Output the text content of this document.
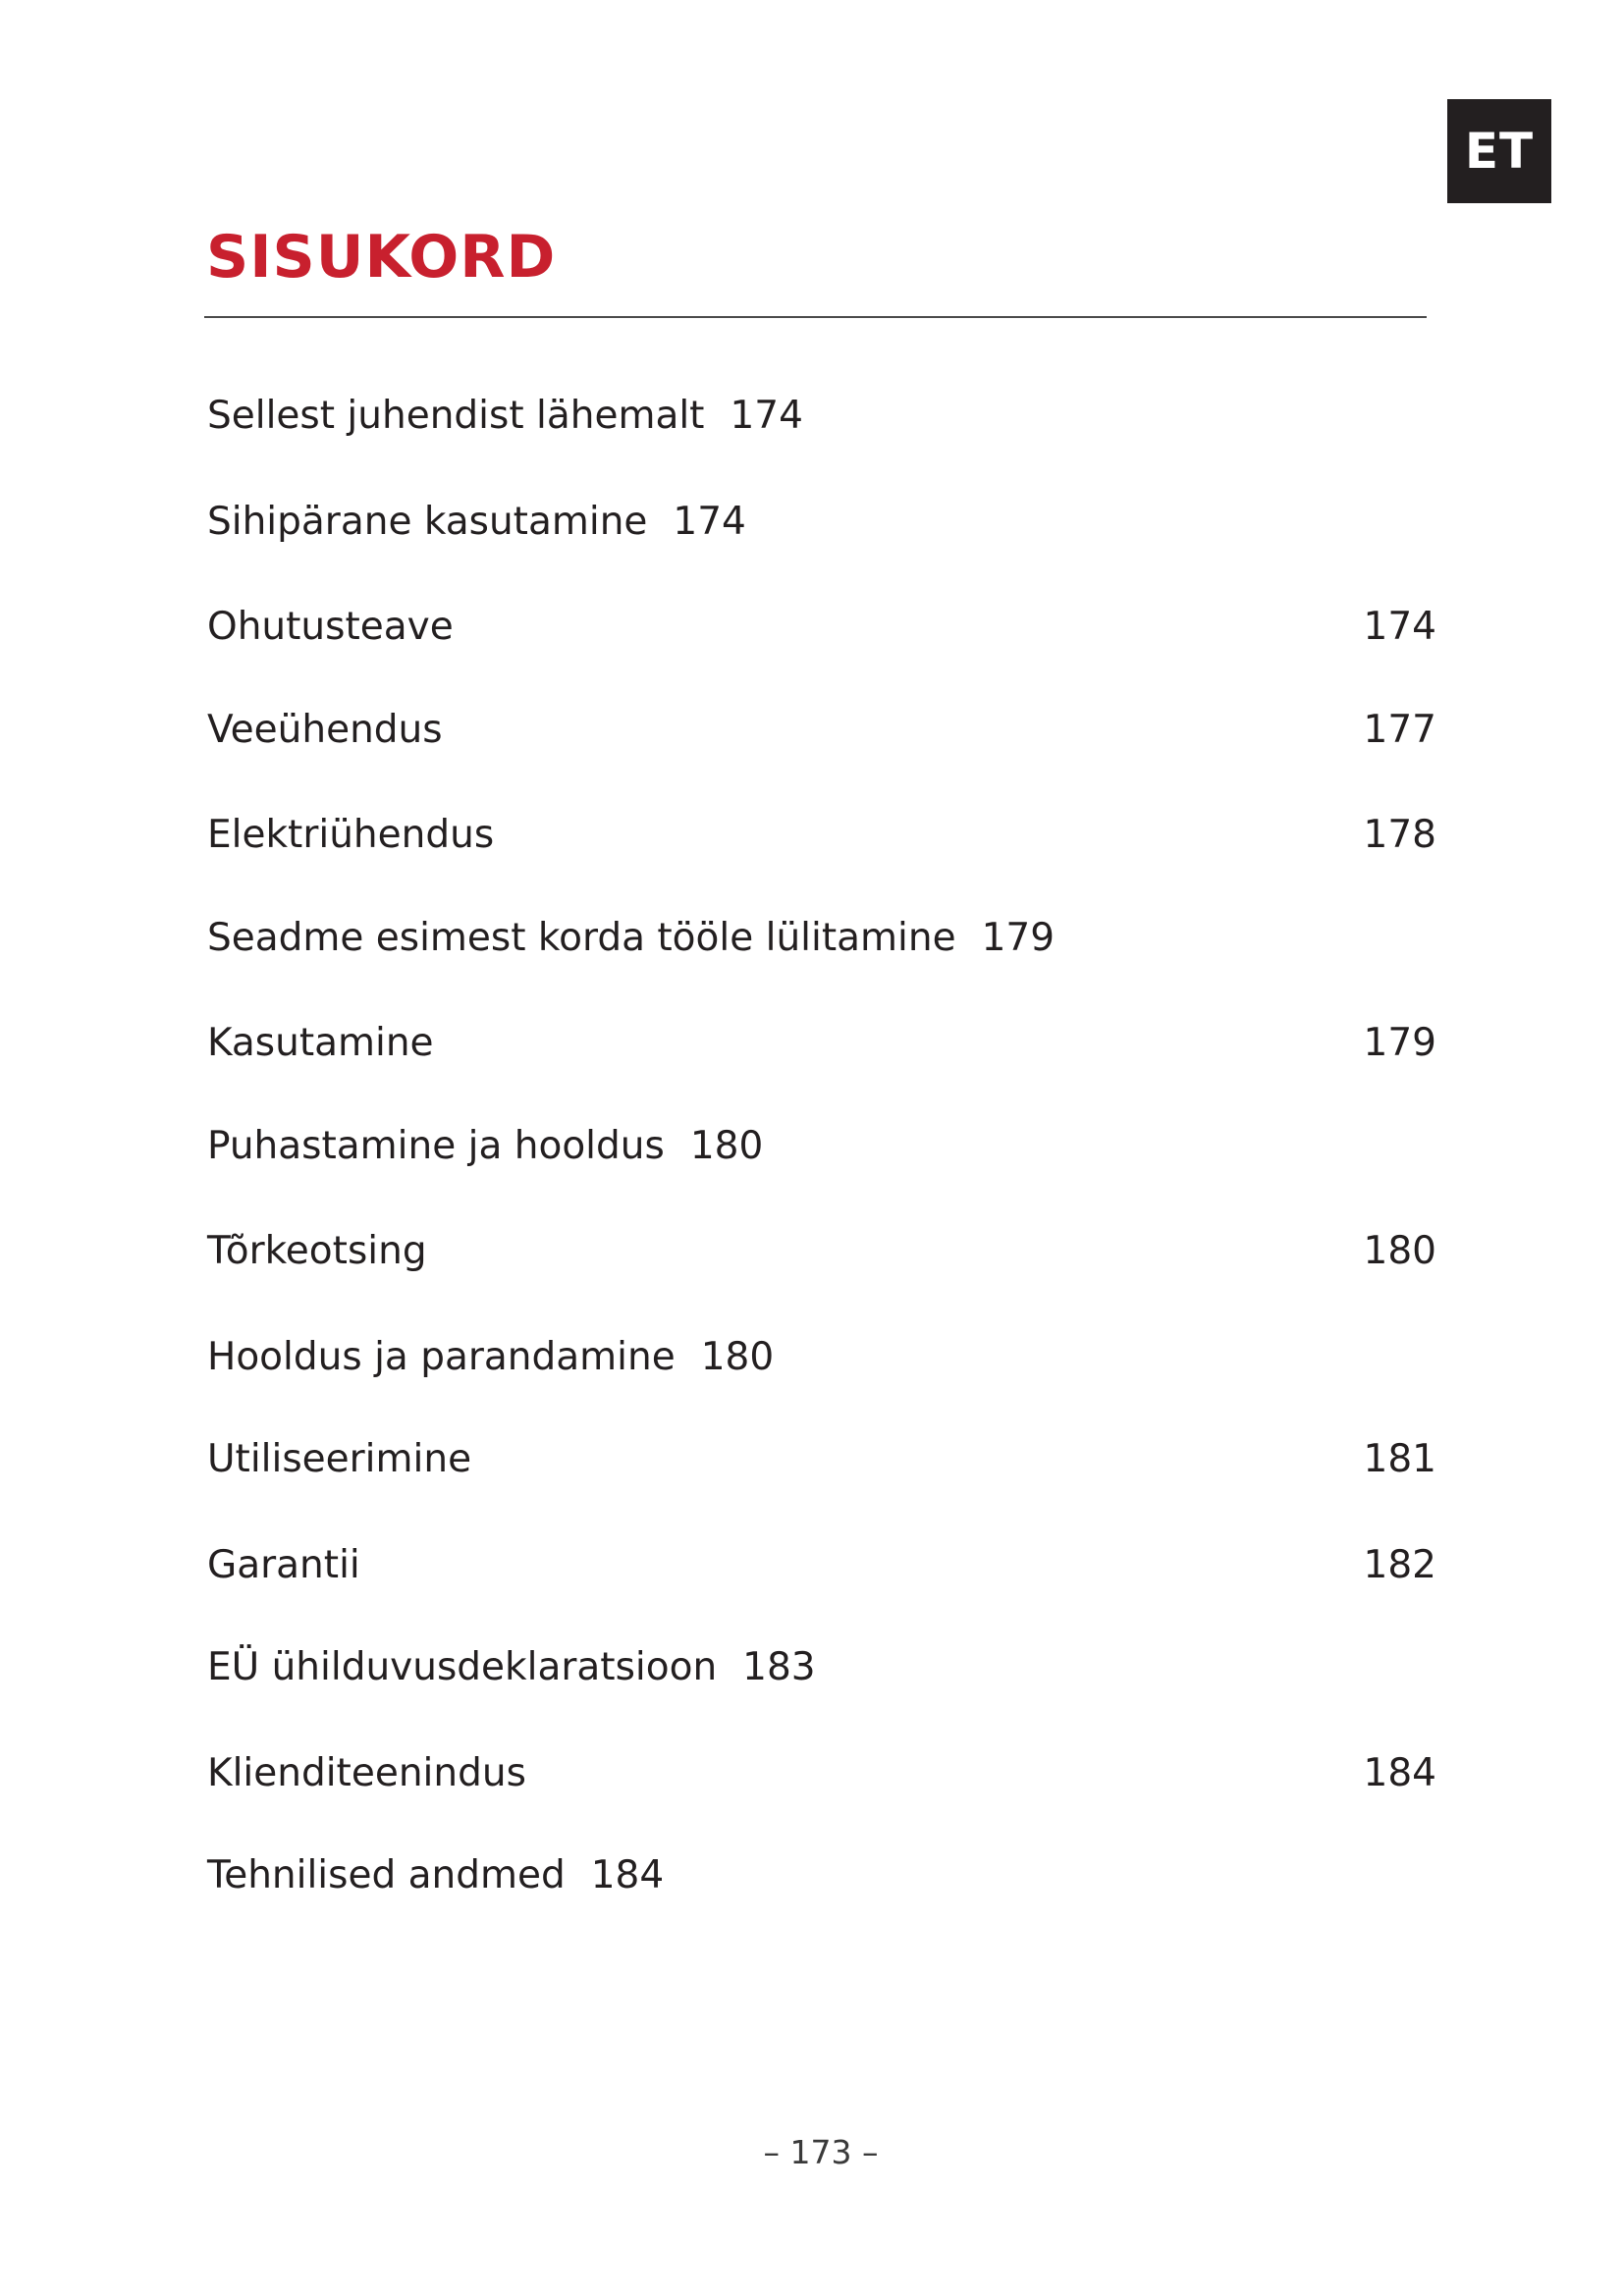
ET
SISUKORD
Sellest juhendist lähemalt 174
Sihipärane kasutamine 174
Ohutusteave	174
Veeühendus	177
Elektriühendus	178
Seadme esimest korda tööle lülitamine 179
Kasutamine	179
Puhastamine ja hooldus 180
Tõrkeotsing	180
Hooldus ja parandamine 180
Utiliseerimine	181
Garantii	182
EÜ ühilduvusdeklaratsioon 183
Klienditeenindus	184
Tehnilised andmed 184
– 173 –
